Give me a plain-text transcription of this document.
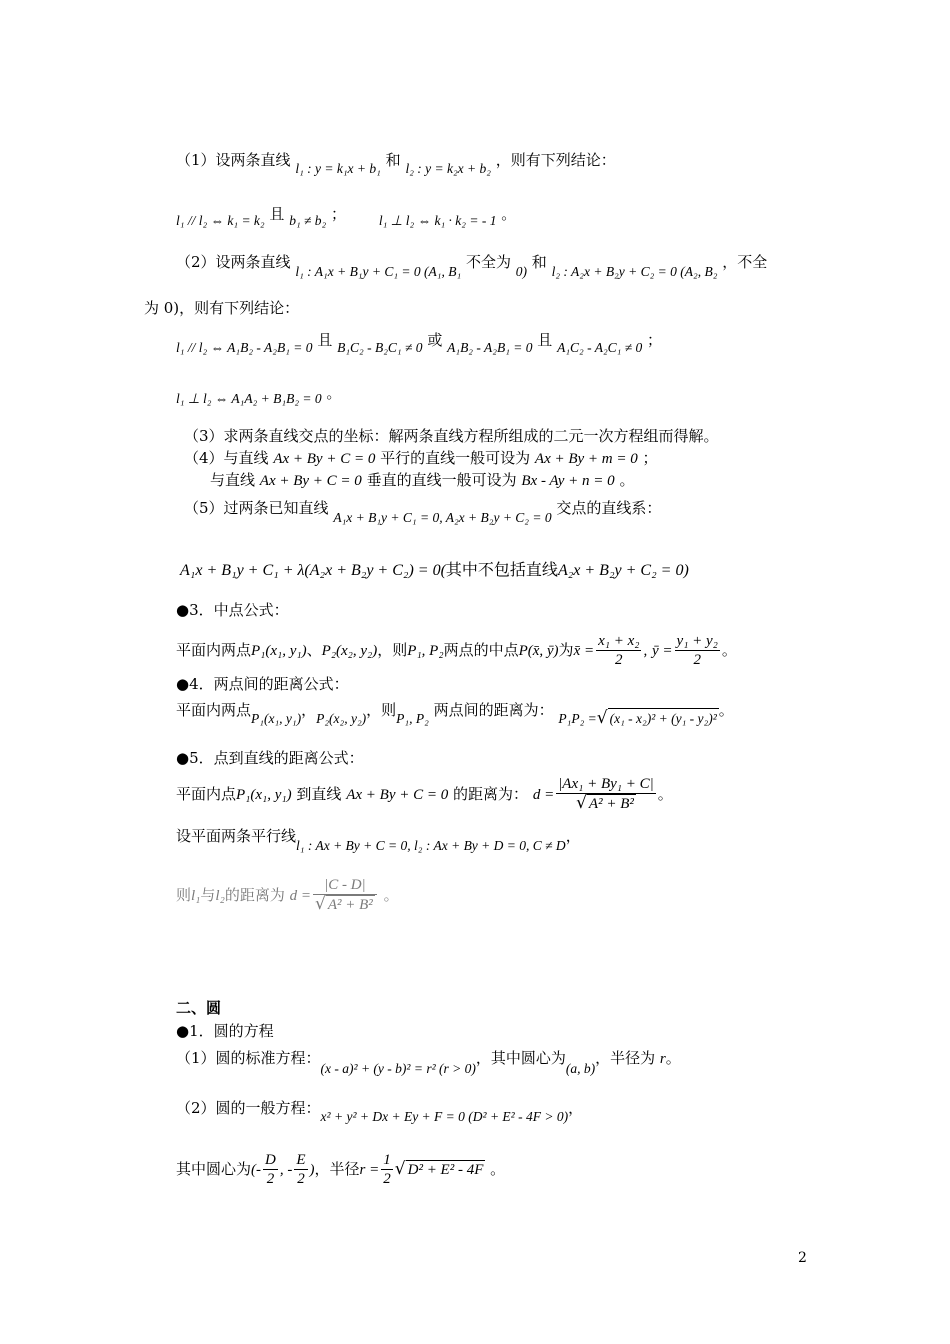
（1）设两条直线 l₁ : y = k₁x + b₁ 和 l₂ : y = k₂x + b₂ ，则有下列结论：
l₁ // l₂ ⇔ k₁ = k₂ 且 b₁ ≠ b₂ ； l₁ ⊥ l₂ ⇔ k₁ · k₂ = - 1 。
（2）设两条直线 l₁ : A₁x + B₁y + C₁ = 0 (A₁, B₁ 不全为 0) 和 l₂ : A₂x + B₂y + C₂ = 0 (A₂, B₂ ，不全
为 0)，则有下列结论：
l₁ // l₂ ⇔ A₁B₂ - A₂B₁ = 0 且 B₁C₂ - B₂C₁ ≠ 0 或 A₁B₂ - A₂B₁ = 0 且 A₁C₂ - A₂C₁ ≠ 0 ；
l₁ ⊥ l₂ ⇔ A₁A₂ + B₁B₂ = 0 。
（3）求两条直线交点的坐标：解两条直线方程所组成的二元一次方程组而得解。
（4）与直线 Ax + By + C = 0 平行的直线一般可设为 Ax + By + m = 0 ；
与直线 Ax + By + C = 0 垂直的直线一般可设为 Bx - Ay + n = 0 。
（5）过两条已知直线 A₁x + B₁y + C₁ = 0, A₂x + B₂y + C₂ = 0 交点的直线系：
A₁x + B₁y + C₁ + λ(A₂x + B₂y + C₂) = 0(其中不包括直线A₂x + B₂y + C₂ = 0)
●3．中点公式：
平面内两点P₁(x₁, y₁)、P₂(x₂, y₂)，则P₁, P₂两点的中点P(x̄, ȳ)为x̄ = $\frac{\text{x₁ + x₂}}{2}$ , ȳ = $\frac{\text{y₁ + y₂}}{2}$ 。
●4．两点间的距离公式：
平面内两点P₁(x₁, y₁)，P₂(x₂, y₂)，则P₁, P₂ 两点间的距离为： P₁P₂ =√ (x₁ - x₂)² + (y₁ - y₂)² 。
●5．点到直线的距离公式：
平面内点P₁(x₁, y₁) 到直线 Ax + By + C = 0 的距离为： $d = \frac{\text{|Ax₁ + By₁ + C|}}{\text{√ A² + B²}}$ 。
设平面两条平行线l₁ : Ax + By + C = 0, l₂ : Ax + By + D = 0, C ≠ D，
则l₁与l₂的距离为 $d = \frac{|C - D|}{\text{√ A² + B²}}$ 。
二、圆
●1．圆的方程
（1）圆的标准方程：(x - a)² + (y - b)² = r² (r > 0)，其中圆心为(a, b)，半径为 r。
（2）圆的一般方程：x² + y² + Dx + Ey + F = 0 (D² + E² - 4F > 0)，
其中圆心为(- $\frac{D}{2}$ , - $\frac{E}{2}$ )，半径$r = \frac{1}{2}$ √ D² + E² - 4F 。
2
